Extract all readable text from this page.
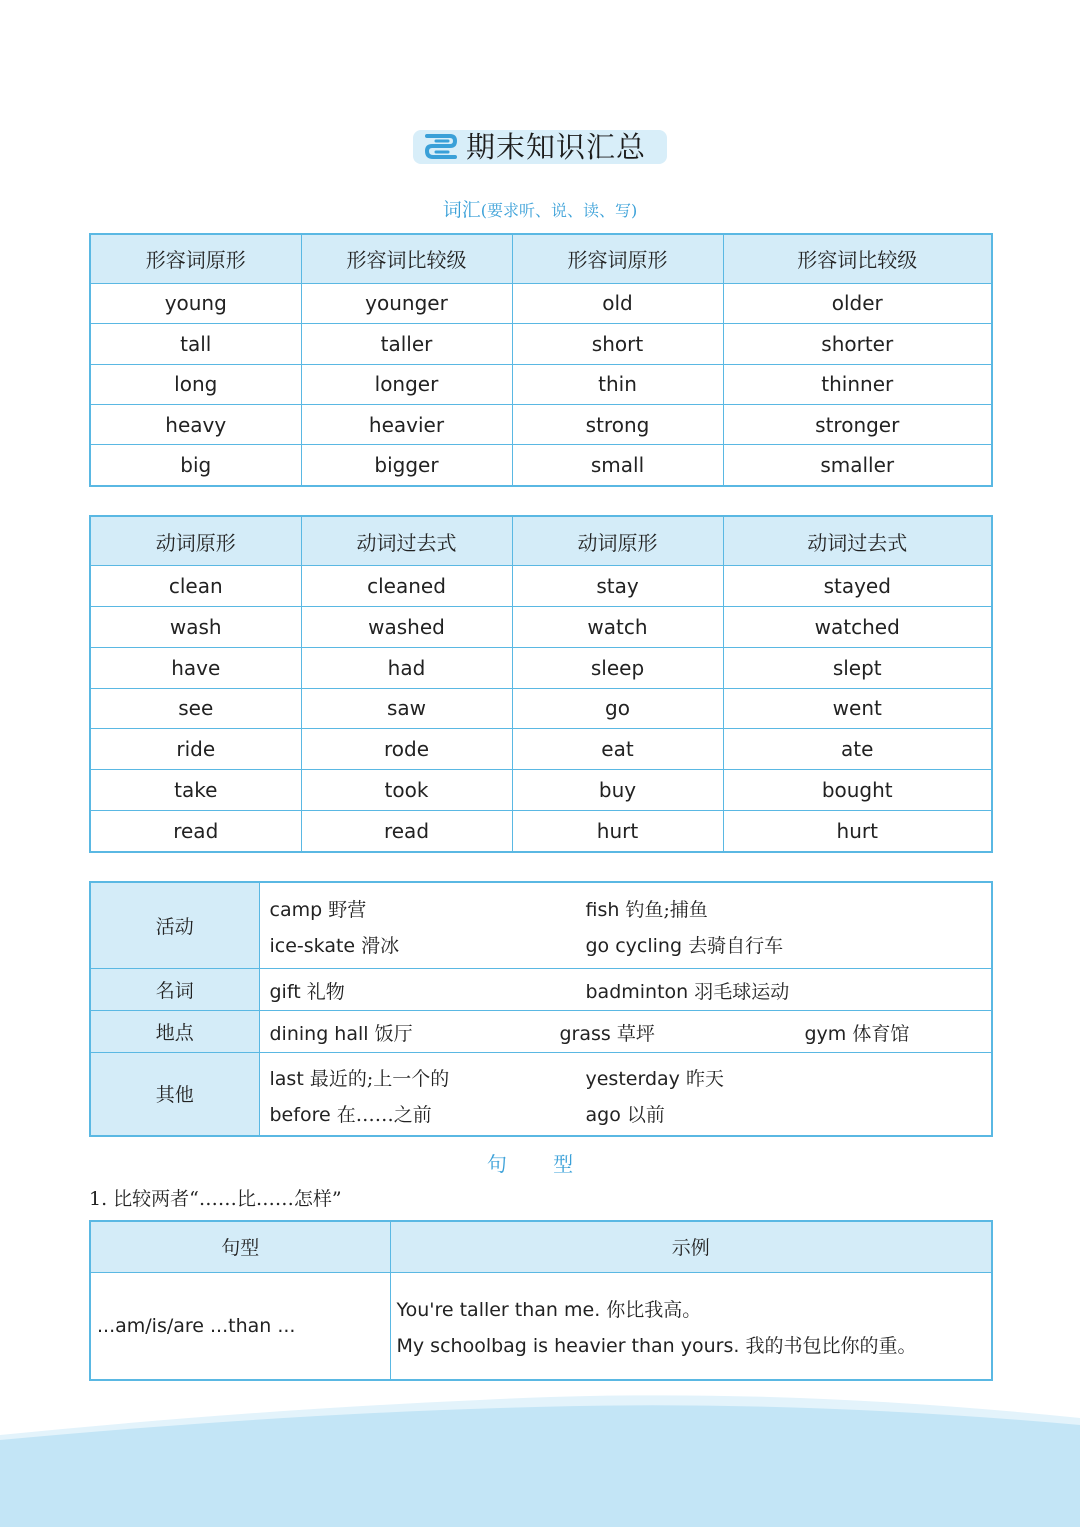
期末知识汇总
词汇(要求听、说、读、写)
形容词原形	形容词比较级	形容词原形	形容词比较级
young	younger	old	older
tall	taller	short	shorter
long	longer	thin	thinner
heavy	heavier	strong	stronger
big	bigger	small	smaller
动词原形	动词过去式	动词原形	动词过去式
clean	cleaned	stay	stayed
wash	washed	watch	watched
have	had	sleep	slept
see	saw	go	went
ride	rode	eat	ate
take	took	buy	bought
read	read	hurt	hurt
活动	camp 野营 fish 钓鱼;捕鱼
ice-skate 滑冰 go cycling 去骑自行车

名词	gift 礼物 badminton 羽毛球运动

地点	dining hall 饭厅 grass 草坪 gym 体育馆

其他	last 最近的;上一个的 yesterday 昨天
before 在……之前 ago 以前
句 型
1. 比较两者“……比……怎样”
句型	示例

...am/is/are ...than ...	You're taller than me. 你比我高。
My schoolbag is heavier than yours. 我的书包比你的重。
